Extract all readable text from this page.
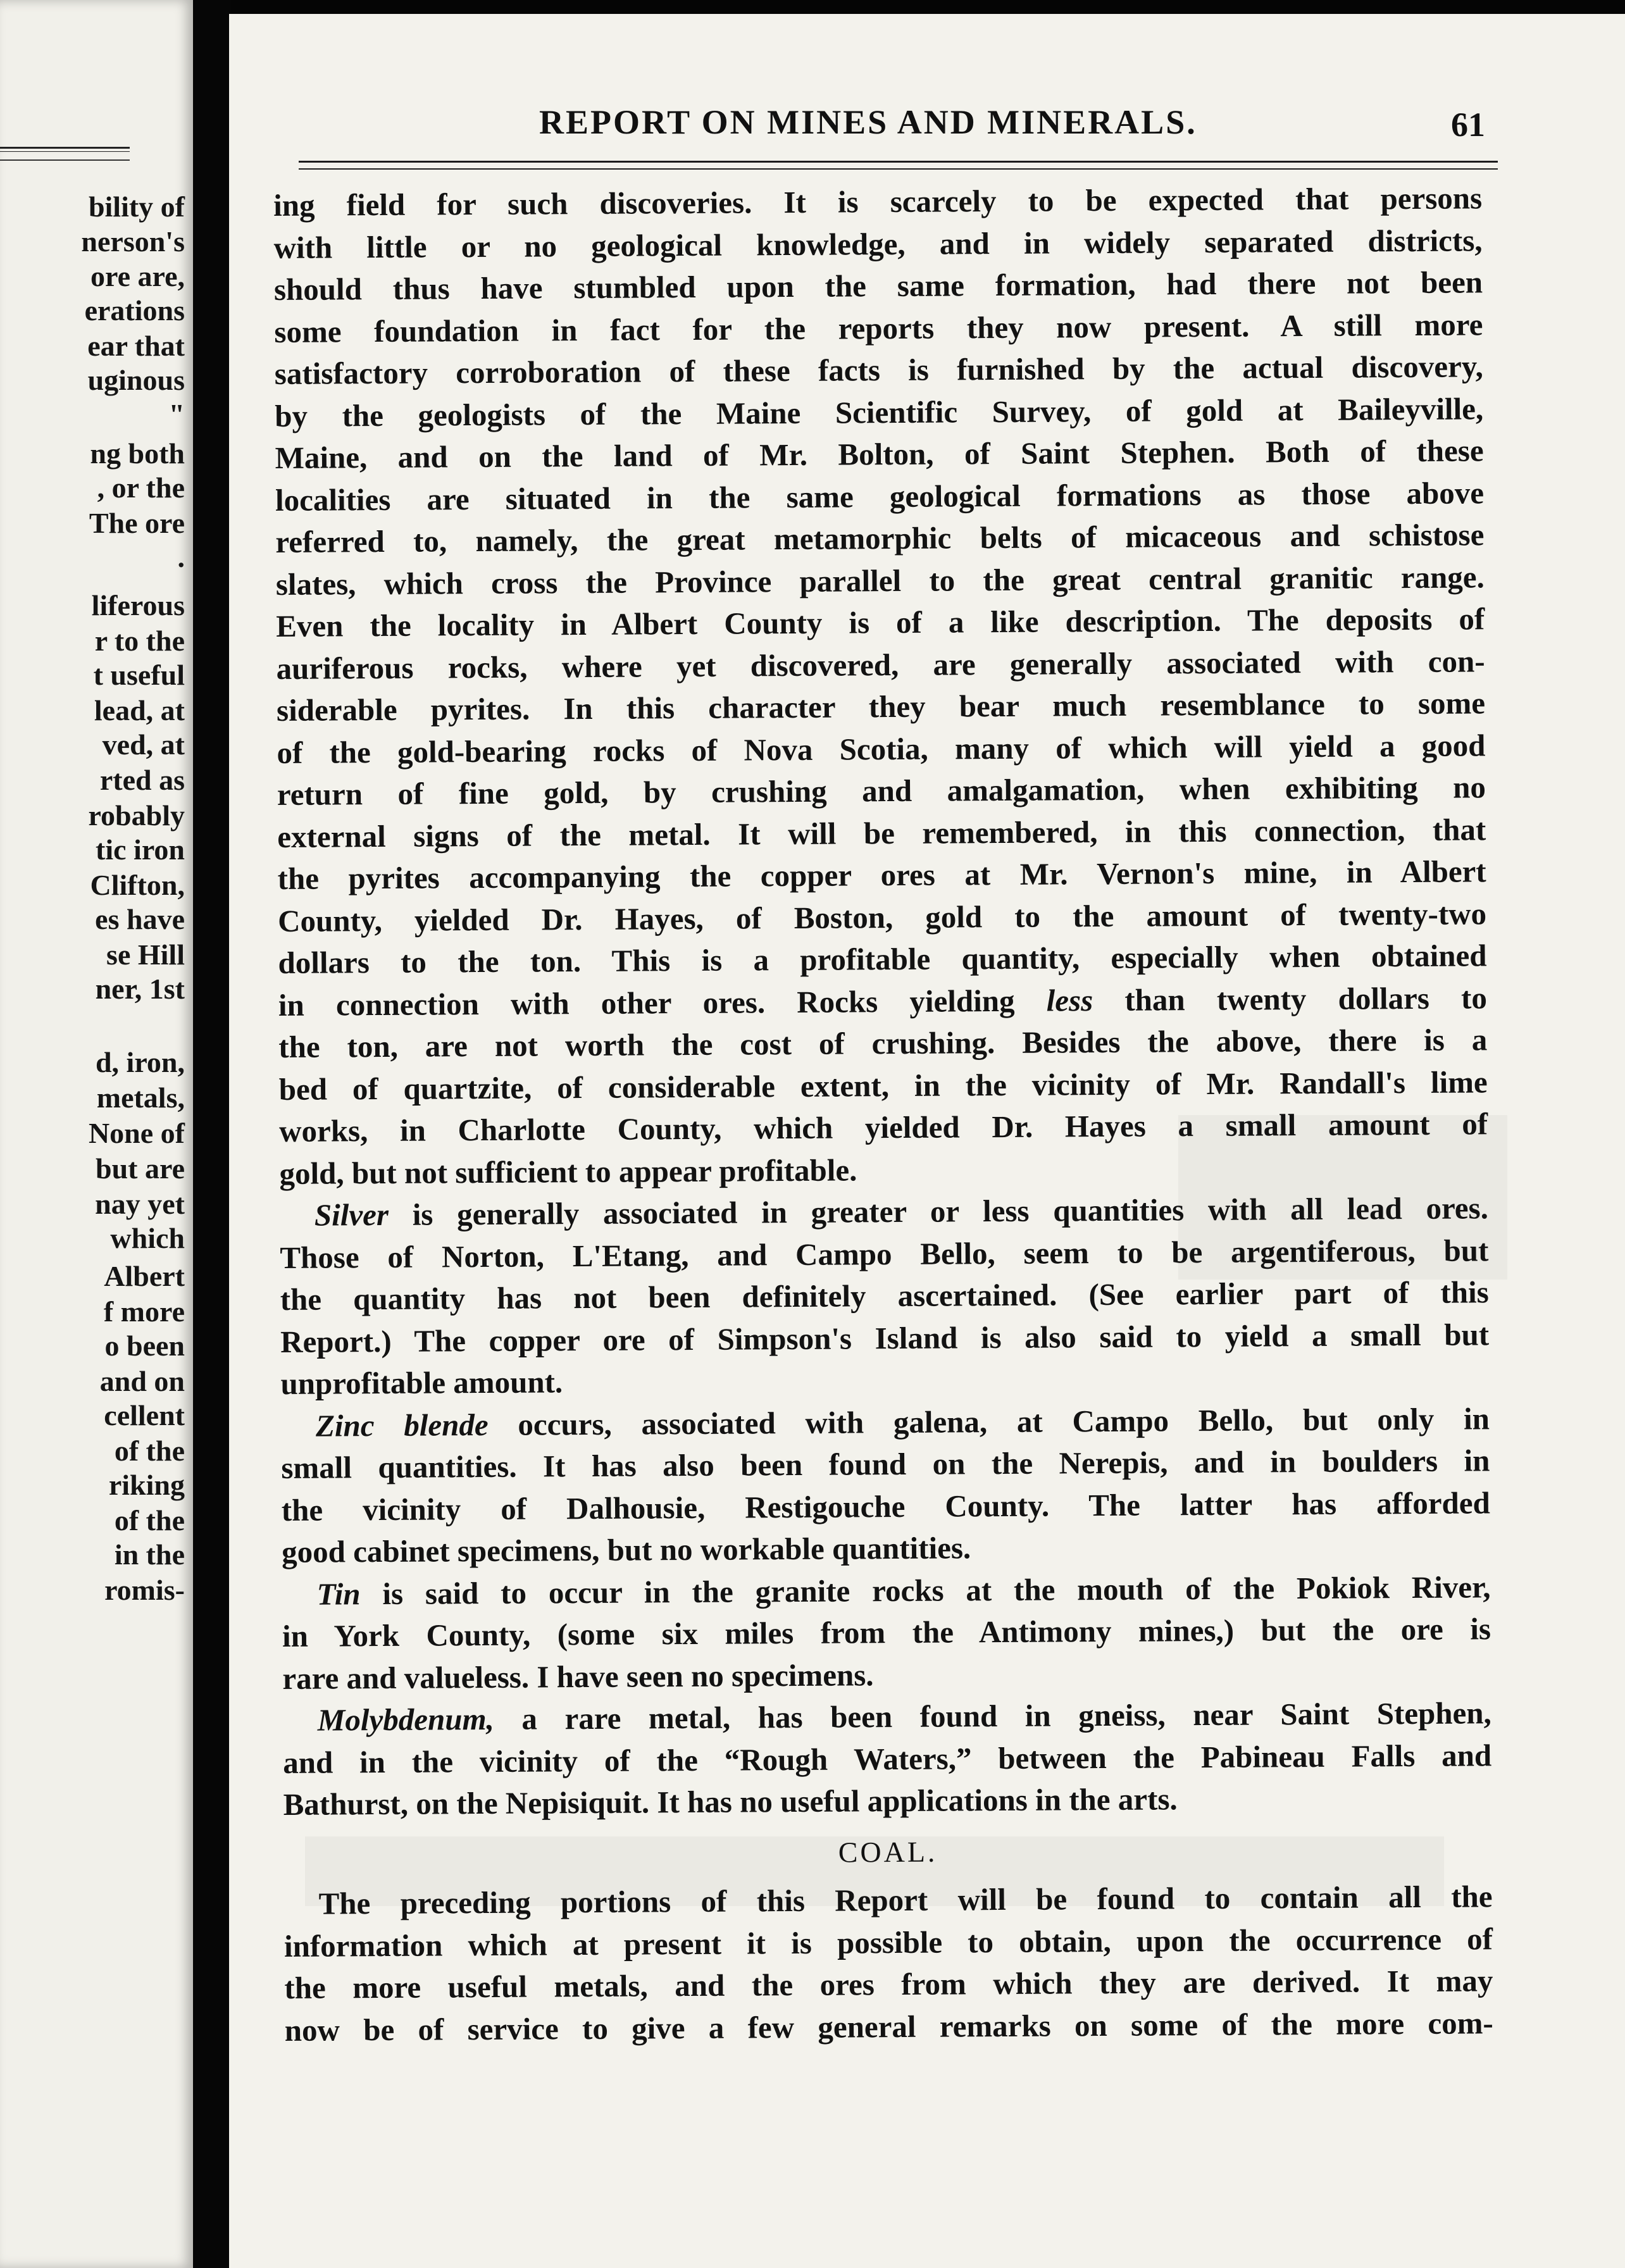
bility of
nerson's
ore are,
erations
ear that
uginous
"
ng both
, or the
The ore
.
liferous
r to the
t useful
lead, at
ved, at
rted as
robably
tic iron
Clifton,
es have
se Hill
ner, 1st
d, iron,
metals,
None of
but are
nay yet
which
Albert
f more
o been
and on
cellent
of the
riking
of the
in the
romis-
REPORT ON MINES AND MINERALS.	61
ing field for such discoveries. It is scarcely to be expected that persons
with little or no geological knowledge, and in widely separated districts,
should thus have stumbled upon the same formation, had there not been
some foundation in fact for the reports they now present. A still more
satisfactory corroboration of these facts is furnished by the actual discovery,
by the geologists of the Maine Scientific Survey, of gold at Baileyville,
Maine, and on the land of Mr. Bolton, of Saint Stephen. Both of these
localities are situated in the same geological formations as those above
referred to, namely, the great metamorphic belts of micaceous and schistose
slates, which cross the Province parallel to the great central granitic range.
Even the locality in Albert County is of a like description. The deposits of
auriferous rocks, where yet discovered, are generally associated with con-
siderable pyrites. In this character they bear much resemblance to some
of the gold-bearing rocks of Nova Scotia, many of which will yield a good
return of fine gold, by crushing and amalgamation, when exhibiting no
external signs of the metal. It will be remembered, in this connection, that
the pyrites accompanying the copper ores at Mr. Vernon's mine, in Albert
County, yielded Dr. Hayes, of Boston, gold to the amount of twenty-two
dollars to the ton. This is a profitable quantity, especially when obtained
in connection with other ores. Rocks yielding less than twenty dollars to
the ton, are not worth the cost of crushing. Besides the above, there is a
bed of quartzite, of considerable extent, in the vicinity of Mr. Randall's lime
works, in Charlotte County, which yielded Dr. Hayes a small amount of
gold, but not sufficient to appear profitable.
Silver is generally associated in greater or less quantities with all lead ores.
Those of Norton, L'Etang, and Campo Bello, seem to be argentiferous, but
the quantity has not been definitely ascertained. (See earlier part of this
Report.) The copper ore of Simpson's Island is also said to yield a small but
unprofitable amount.
Zinc blende occurs, associated with galena, at Campo Bello, but only in
small quantities. It has also been found on the Nerepis, and in boulders in
the vicinity of Dalhousie, Restigouche County. The latter has afforded
good cabinet specimens, but no workable quantities.
Tin is said to occur in the granite rocks at the mouth of the Pokiok River,
in York County, (some six miles from the Antimony mines,) but the ore is
rare and valueless. I have seen no specimens.
Molybdenum, a rare metal, has been found in gneiss, near Saint Stephen,
and in the vicinity of the “Rough Waters,” between the Pabineau Falls and
Bathurst, on the Nepisiquit. It has no useful applications in the arts.
COAL.
The preceding portions of this Report will be found to contain all the
information which at present it is possible to obtain, upon the occurrence of
the more useful metals, and the ores from which they are derived. It may
now be of service to give a few general remarks on some of the more com-
